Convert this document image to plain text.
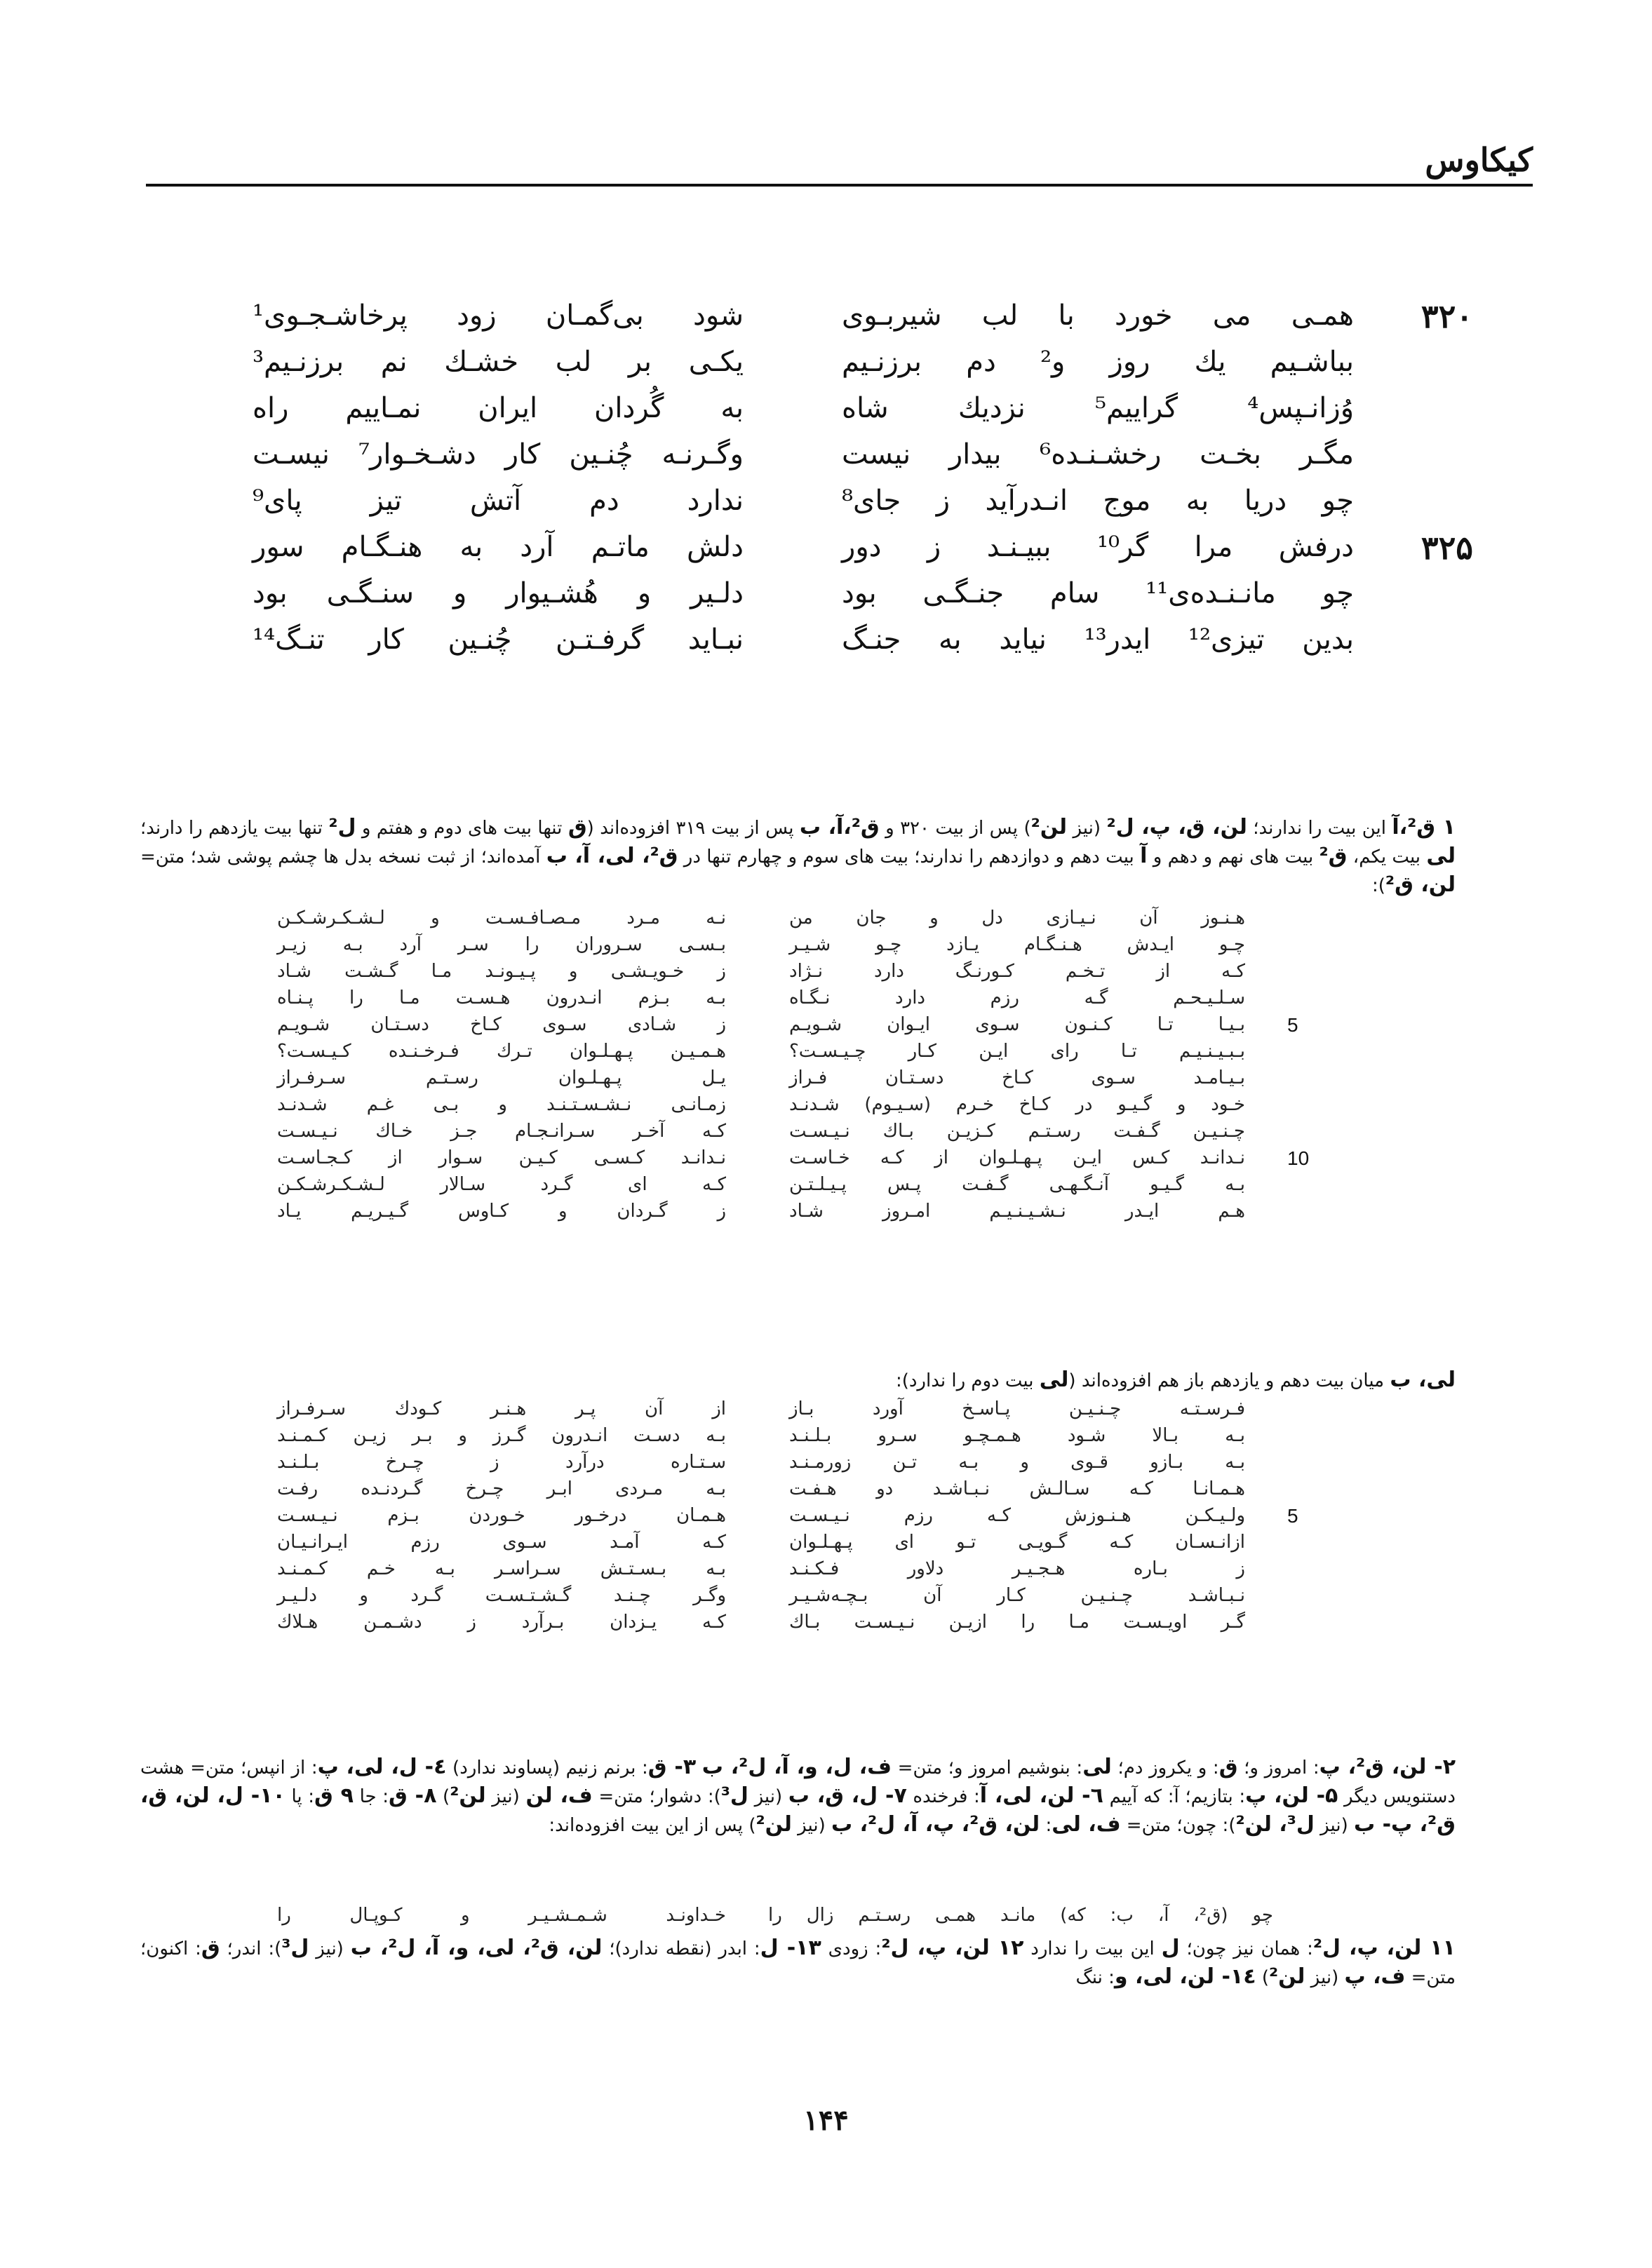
کیکاوس
۳۲۰
همـی می خورد با لب شیربـوی
شود بی‌گمـان زود پرخاشـجـوی¹
بباشـیم یك روز و² دم برزنـیم
یکـی بر لب خشـك نم برزنـیم³
وُزانـپس⁴ گراییم⁵ نزدیك شاه
به گُردان ایران نمـاییم راه
مگـر بخـت رخشـنـده⁶ بیدار نیست
وگـرنـه چُنـین کار دشـخـوار⁷ نیسـت
چو دریا به موج انـدرآید ز جای⁸
ندارد دم آتش تیز پای⁹
۳۲۵
درفش مرا گر¹⁰ ببیـنـد ز دور
دلش ماتـم آرد به هنـگـام سور
چو مانـنـده‌ی¹¹ سام جنـگـی بود
دلـیر و هُشـیوار و سنـگـی بود
بدین تیزی¹² ایدر¹³ نیاید به جنـگ
نبـاید گرفـتـن چُنـین کار تنـگ¹⁴
۱ ق²،آ این بیت را ندارند؛ لن، ق، پ، ل² (نیز لن²) پس از بیت ۳۲۰ و ق²،آ، ب پس از بیت ۳۱۹ افزوده‌اند (ق تنها بیت های دوم و هفتم و ل² تنها بیت یازدهم را دارند؛ لی بیت یکم، ق² بیت های نهم و دهم و آ بیت دهم و دوازدهم را ندارند؛ بیت های سوم و چهارم تنها در ق²، لی، آ، ب آمده‌اند؛ از ثبت نسخه بدل ها چشم پوشی شد؛ متن= لن، ق²):
هـنـوز آن نـیـازی دل و جان من
نـه مـرد مـصـافـسـت و لـشـکـرشـکـن
چـو ایـدش هـنـگـام یـازد چـو شـیـر
بـسـی سـروران را سـر آرد بـه زیـر
کـه از تـخـم کـورنـگ دارد نـژاد
ز خـویـشـی و پـیـونـد مـا گـشـت شـاد
سـلـیـحـم گـه رزم دارد نـگـاه
بـه بـزم انـدرون هـسـت مـا را پـنـاه
5
بـیـا تـا کـنـون سـوی ایـوان شـویـم
ز شـادی سـوی کـاخ دسـتـان شـویـم
بـبـیـنـیـم تـا رای ایـن کـار چـیـسـت؟
هـمـیـن پـهـلـوان تـرك فـرخـنـده کـیـسـت؟
بـیـامـد سـوی کـاخ دسـتـان فـراز
یـل پـهـلـوان رسـتـم سـرفـراز
خـود و گـیـو در کـاخ خـرم (سـیـوم) شـدنـد
زمـانـی نـشـسـتـنـد و بـی غـم شـدنـد
چـنـیـن گـفـت رسـتـم کـزیـن بـاك نـیـسـت
کـه آخـر سـرانـجـام جـز خـاك نـیـسـت
10
نـدانـد کـس ایـن پـهـلـوان از کـه خـاسـت
نـدانـد کـسـی کـیـن سـوار از کـجـاسـت
بـه گـیـو آنـگـهـی گـفـت پـس پـیـلـتـن
کـه ای گـرد سـالار لـشـکـرشـکـن
هـم ایـدر نـشـیـنـیـم امـروز شـاد
ز گـردان و کـاوس گـیـریـم یـاد
لی، ب میان بیت دهم و یازدهم باز هم افزوده‌اند (لی بیت دوم را ندارد):
فـرسـتـه چـنـیـن پـاسـخ آورد بـاز
از آن پـر هـنـر کـودك سـرفـراز
بـه بـالا شـود هـمـچـو سـرو بـلـنـد
بـه دسـت انـدرون گـرز و بـر زیـن کـمـنـد
بـه بـازو قـوی و بـه تـن زورمـنـد
سـتـاره درآرد ز چـرخ بـلـنـد
هـمـانـا کـه سـالـش نـبـاشـد دو هـفـت
بـه مـردی ابـر چـرخ گـردنـده رفـت
5
ولـیـکـن هـنـوزش کـه رزم نـیـسـت
هـمـان درخـور خـوردن بـزم نـیـسـت
ازانـسـان کـه گـویـی تـو ای پـهـلـوان
کـه آمـد سـوی رزم ایـرانـیـان
ز بـاره هـجـیـر دلاور فـکـنـد
بـه بـسـتـش سـراسـر بـه خـم کـمـنـد
نـبـاشـد چـنـیـن کـار آن بـچـه‌شـیـر
وگـر چـنـد گـشـتـسـت گـرد و دلـیـر
گـر اویـسـت مـا را ازیـن نـیـسـت بـاك
کـه یـزدان بـرآرد ز دشـمـن هـلاك
۲- لن، ق²، پ: امروز و؛ ق: و یکروز دم؛ لی: بنوشیم امروز و؛ متن= ف، ل، و، آ، ل²، ب ۳- ق: برنم زنیم (پساوند ندارد) ٤- ل، لی، پ: از انپس؛ متن= هشت دستنویس دیگر ۵- لن، پ: بتازیم؛ آ: که آییم ٦- لن، لی، آ: فرخنده ۷- ل، ق، ب (نیز ل³): دشوار؛ متن= ف، لن (نیز لن²) ۸- ق: جا ۹ ق: پا ۱۰- ل، لن، ق، ق²، پ- ب (نیز ل³، لن²): چون؛ متن= ف، لی: لن، ق²، پ، آ، ل²، ب (نیز لن²) پس از این بیت افزوده‌اند:
چو (ق²، آ، ب: که) مانـد همـی رسـتـم زال را
خـداونـد شـمـشـیـر و کـوپـال را
۱۱ لن، پ، ل²: همان نیز چون؛ ل این بیت را ندارد ۱۲ لن، پ، ل²: زودی ۱۳- ل: ابدر (نقطه ندارد)؛ لن، ق²، لی، و، آ، ل²، ب (نیز ل³): اندر؛ ق: اکنون؛ متن= ف، پ (نیز لن²) ١٤- لن، لی، و: ننگ
۱۴۴
